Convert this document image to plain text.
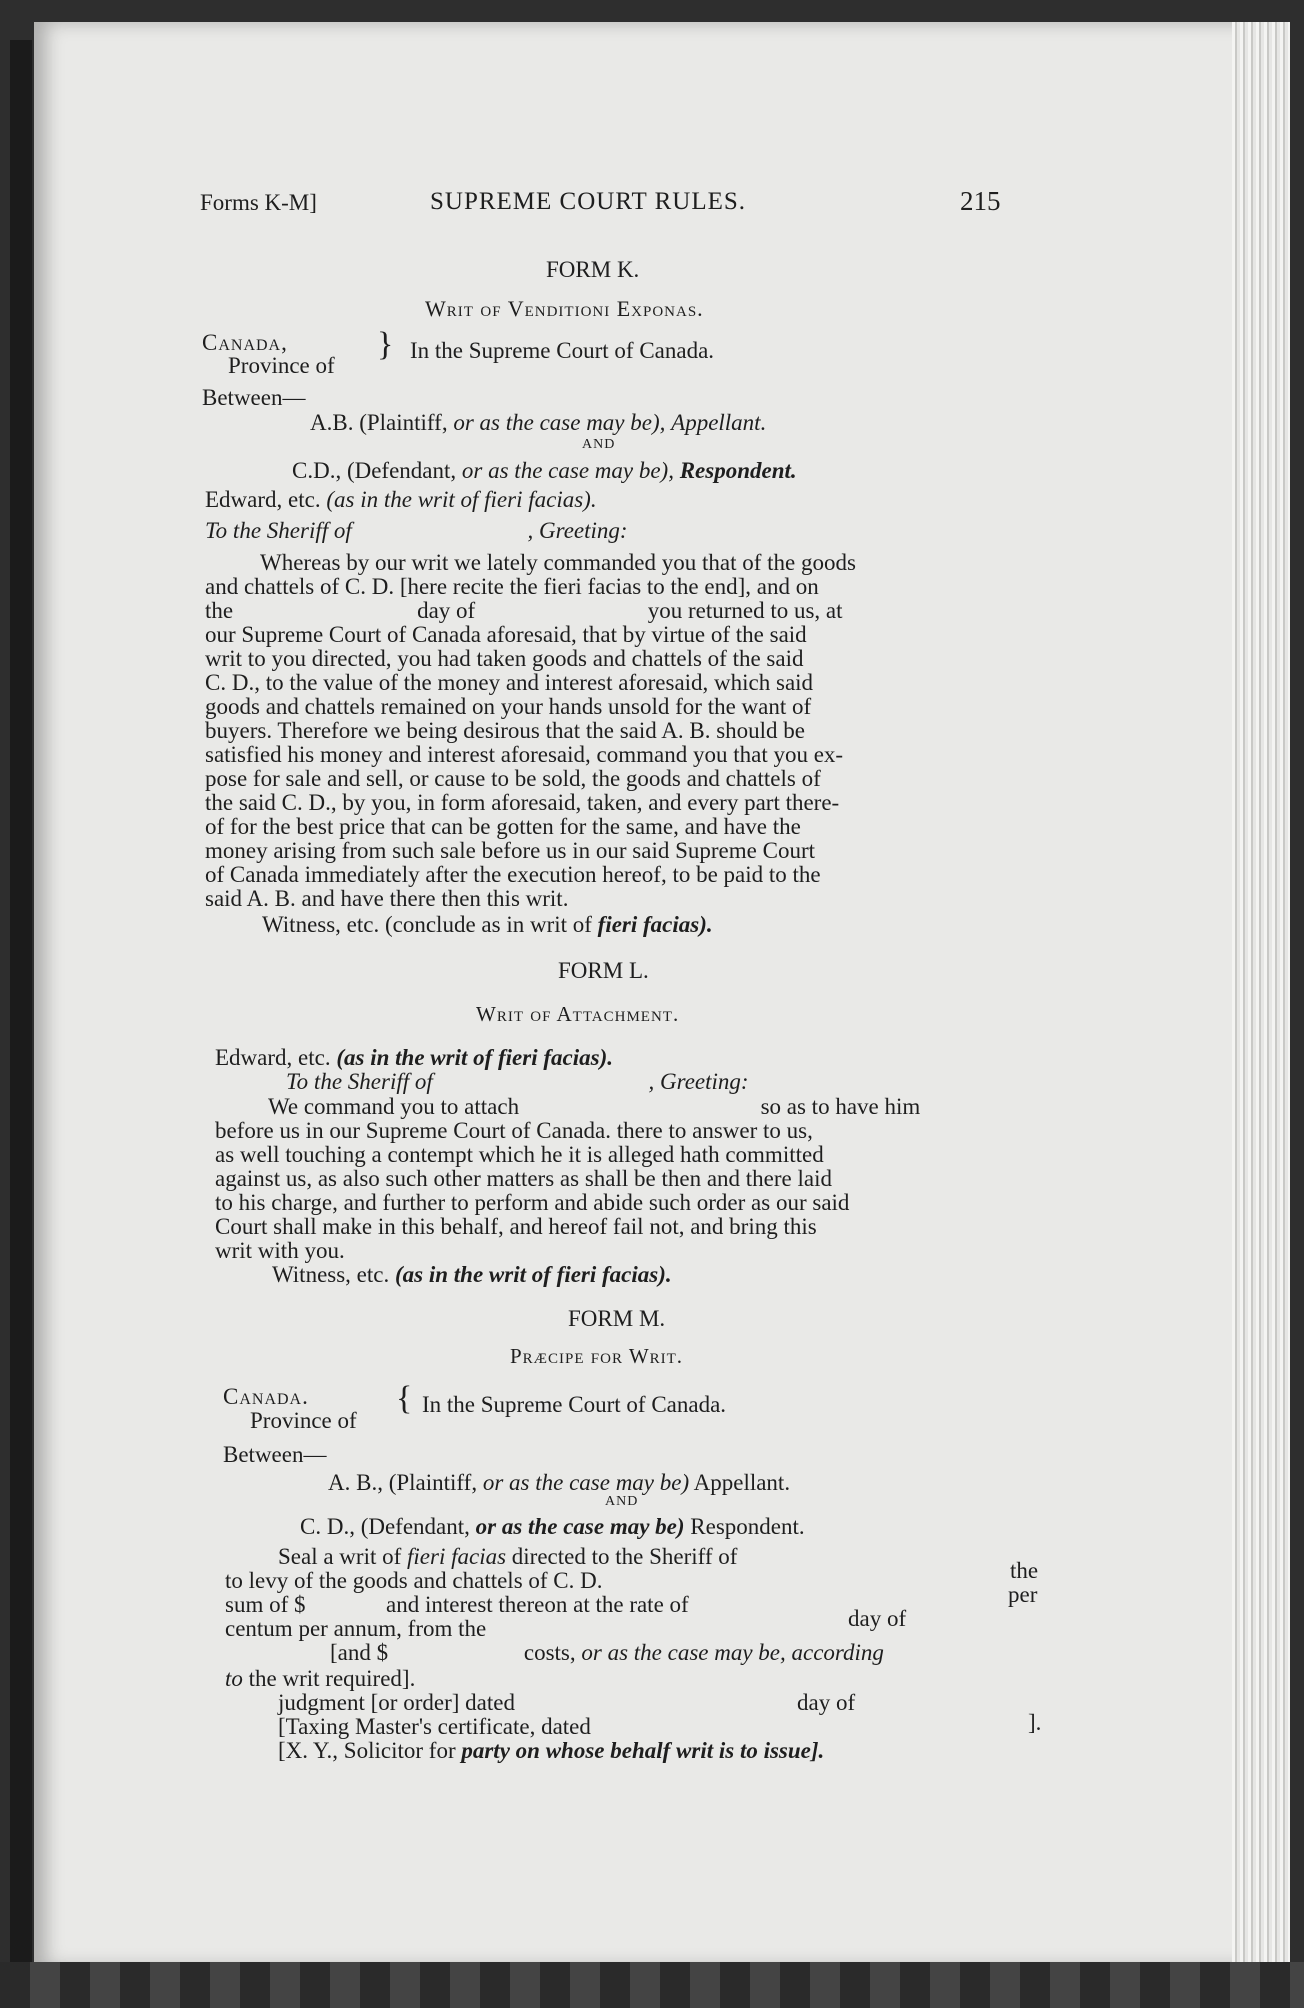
Forms K-M]	SUPREME COURT RULES.	215
FORM K.
Writ of Venditioni Exponas.
Canada,
Province of
} In the Supreme Court of Canada.
Between—
A.B. (Plaintiff, or as the case may be), Appellant.
AND
C.D., (Defendant, or as the case may be), Respondent.
Edward, etc. (as in the writ of fieri facias).
To the Sheriff of	, Greeting:
Whereas by our writ we lately commanded you that of the goods
and chattels of C. D. [here recite the fieri facias to the end], and on
the                                day of                              you returned to us, at
our Supreme Court of Canada aforesaid, that by virtue of the said
writ to you directed, you had taken goods and chattels of the said
C. D., to the value of the money and interest aforesaid, which said
goods and chattels remained on your hands unsold for the want of
buyers. Therefore we being desirous that the said A. B. should be
satisfied his money and interest aforesaid, command you that you ex-
pose for sale and sell, or cause to be sold, the goods and chattels of
the said C. D., by you, in form aforesaid, taken, and every part there-
of for the best price that can be gotten for the same, and have the
money arising from such sale before us in our said Supreme Court
of Canada immediately after the execution hereof, to be paid to the
said A. B. and have there then this writ.
Witness, etc. (conclude as in writ of fieri facias).
FORM L.
Writ of Attachment.
Edward, etc. (as in the writ of fieri facias).
To the Sheriff of	, Greeting:
We command you to attach                                          so as to have him
before us in our Supreme Court of Canada. there to answer to us,
as well touching a contempt which he it is alleged hath committed
against us, as also such other matters as shall be then and there laid
to his charge, and further to perform and abide such order as our said
Court shall make in this behalf, and hereof fail not, and bring this
writ with you.
Witness, etc. (as in the writ of fieri facias).
FORM M.
Præcipe for Writ.
Canada.
Province of
{ In the Supreme Court of Canada.
Between—
A. B., (Plaintiff, or as the case may be) Appellant.
AND
C. D., (Defendant, or as the case may be) Respondent.
Seal a writ of fieri facias directed to the Sheriff of
to levy of the goods and chattels of C. D.	the
sum of $              and interest thereon at the rate of	per
centum per annum, from the	day of
[and $	costs, or as the case may be, according
to the writ required].
judgment [or order] dated	day of
[Taxing Master's certificate, dated	].
[X. Y., Solicitor for party on whose behalf writ is to issue].
